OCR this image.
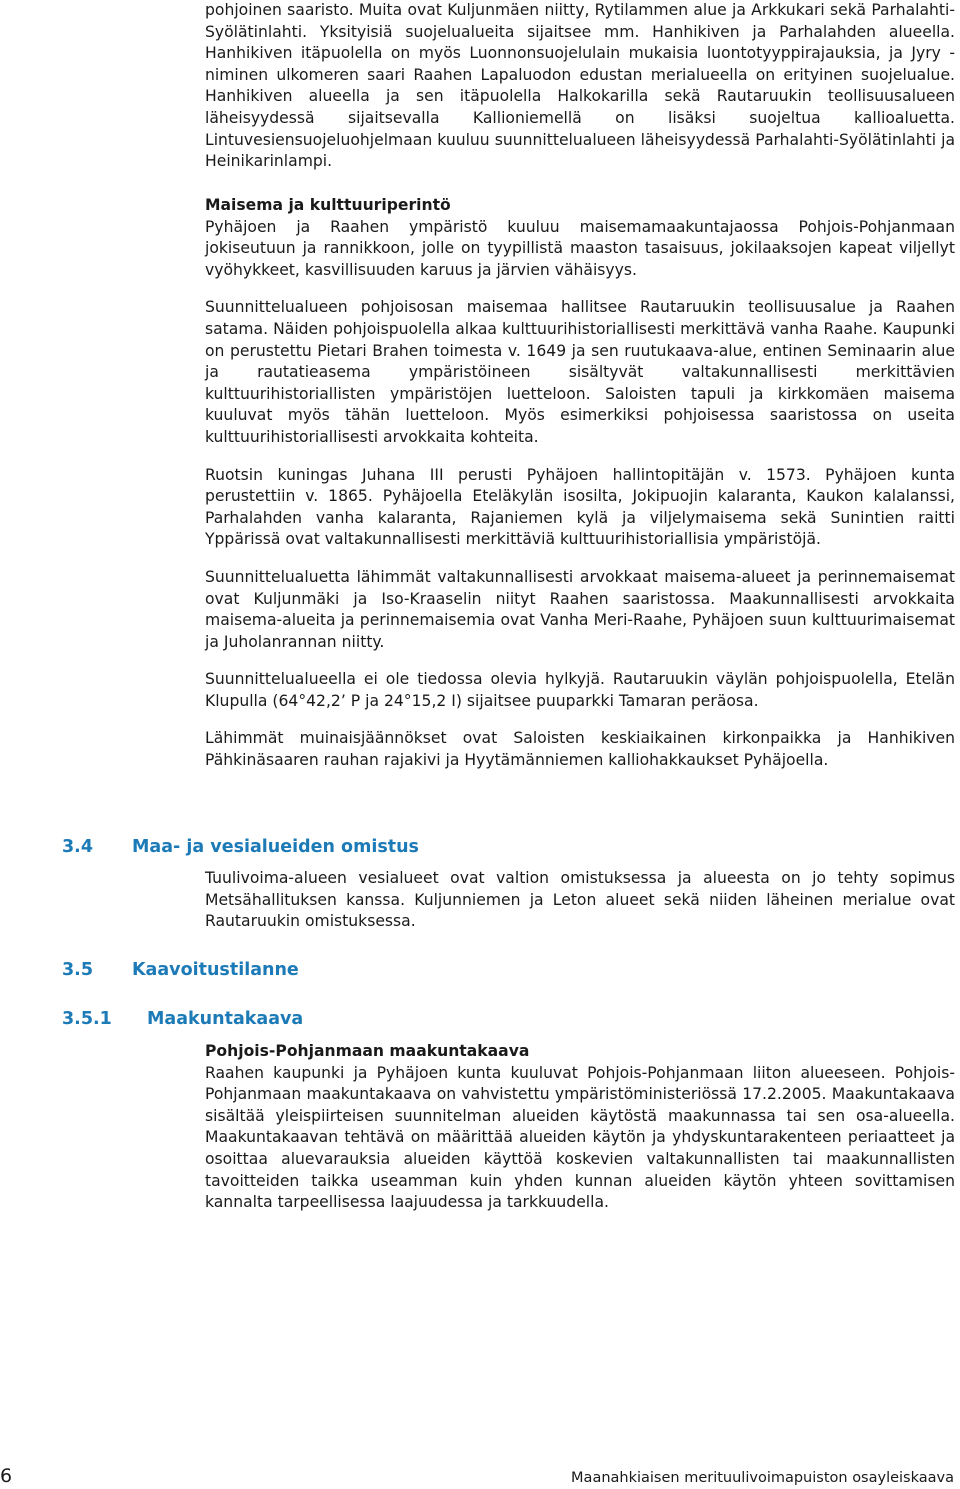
pohjoinen saaristo. Muita ovat Kuljunmäen niitty, Rytilammen alue ja Arkkukari sekä Parhalahti-Syölätinlahti. Yksityisiä suojelualueita sijaitsee mm. Hanhikiven ja Parhalahden alueella. Hanhikiven itäpuolella on myös Luonnonsuojelulain mukaisia luontotyyppirajauksia, ja Jyry -niminen ulkomeren saari Raahen Lapaluodon edustan merialueella on erityinen suojelualue. Hanhikiven alueella ja sen itäpuolella Halkokarilla sekä Rautaruukin teollisuusalueen läheisyydessä sijaitsevalla Kallioniemellä on lisäksi suojeltua kallioaluetta. Lintuvesiensuojeluohjelmaan kuuluu suunnittelualueen läheisyydessä Parhalahti-Syölätinlahti ja Heinikarinlampi.

Maisema ja kulttuuriperintö

Pyhäjoen ja Raahen ympäristö kuuluu maisemamaakuntajaossa Pohjois-Pohjanmaan jokiseutuun ja rannikkoon, jolle on tyypillistä maaston tasaisuus, jokilaaksojen kapeat viljellyt vyöhykkeet, kasvillisuuden karuus ja järvien vähäisyys.

Suunnittelualueen pohjoisosan maisemaa hallitsee Rautaruukin teollisuusalue ja Raahen satama. Näiden pohjoispuolella alkaa kulttuurihistoriallisesti merkittävä vanha Raahe. Kaupunki on perustettu Pietari Brahen toimesta v. 1649 ja sen ruutukaava-alue, entinen Seminaarin alue ja rautatieasema ympäristöineen sisältyvät valtakunnallisesti merkittävien kulttuurihistoriallisten ympäristöjen luetteloon. Saloisten tapuli ja kirkkomäen maisema kuuluvat myös tähän luetteloon. Myös esimerkiksi pohjoisessa saaristossa on useita kulttuurihistoriallisesti arvokkaita kohteita.

Ruotsin kuningas Juhana III perusti Pyhäjoen hallintopitäjän v. 1573. Pyhäjoen kunta perustettiin v. 1865. Pyhäjoella Eteläkylän isosilta, Jokipuojin kalaranta, Kaukon kalalanssi, Parhalahden vanha kalaranta, Rajaniemen kylä ja viljelymaisema sekä Sunintien raitti Yppärissä ovat valtakunnallisesti merkittäviä kulttuurihistoriallisia ympäristöjä.

Suunnittelualuetta lähimmät valtakunnallisesti arvokkaat maisema-alueet ja perinnemaisemat ovat Kuljunmäki ja Iso-Kraaselin niityt Raahen saaristossa. Maakunnallisesti arvokkaita maisema-alueita ja perinnemaisemia ovat Vanha Meri-Raahe, Pyhäjoen suun kulttuurimaisemat ja Juholanrannan niitty.

Suunnittelualueella ei ole tiedossa olevia hylkyjä. Rautaruukin väylän pohjoispuolella, Etelän Klupulla (64°42,2’ P ja 24°15,2 I) sijaitsee puuparkki Tamaran peräosa.

Lähimmät muinaisjäännökset ovat Saloisten keskiaikainen kirkonpaikka ja Hanhikiven Pähkinäsaaren rauhan rajakivi ja Hyytämänniemen kalliohakkaukset Pyhäjoella.

3.4 Maa- ja vesialueiden omistus

Tuulivoima-alueen vesialueet ovat valtion omistuksessa ja alueesta on jo tehty sopimus Metsähallituksen kanssa. Kuljunniemen ja Leton alueet sekä niiden läheinen merialue ovat Rautaruukin omistuksessa.

3.5 Kaavoitustilanne
3.5.1 Maakuntakaava
Pohjois-Pohjanmaan maakuntakaava

Raahen kaupunki ja Pyhäjoen kunta kuuluvat Pohjois-Pohjanmaan liiton alueeseen. Pohjois-Pohjanmaan maakuntakaava on vahvistettu ympäristöministeriössä 17.2.2005. Maakuntakaava sisältää yleispiirteisen suunnitelman alueiden käytöstä maakunnassa tai sen osa-alueella. Maakuntakaavan tehtävä on määrittää alueiden käytön ja yhdyskuntarakenteen periaatteet ja osoittaa aluevarauksia alueiden käyttöä koskevien valtakunnallisten tai maakunnallisten tavoitteiden taikka useamman kuin yhden kunnan alueiden käytön yhteen sovittamisen kannalta tarpeellisessa laajuudessa ja tarkkuudella.

6	Maanahkiaisen merituulivoimapuiston osayleiskaava
